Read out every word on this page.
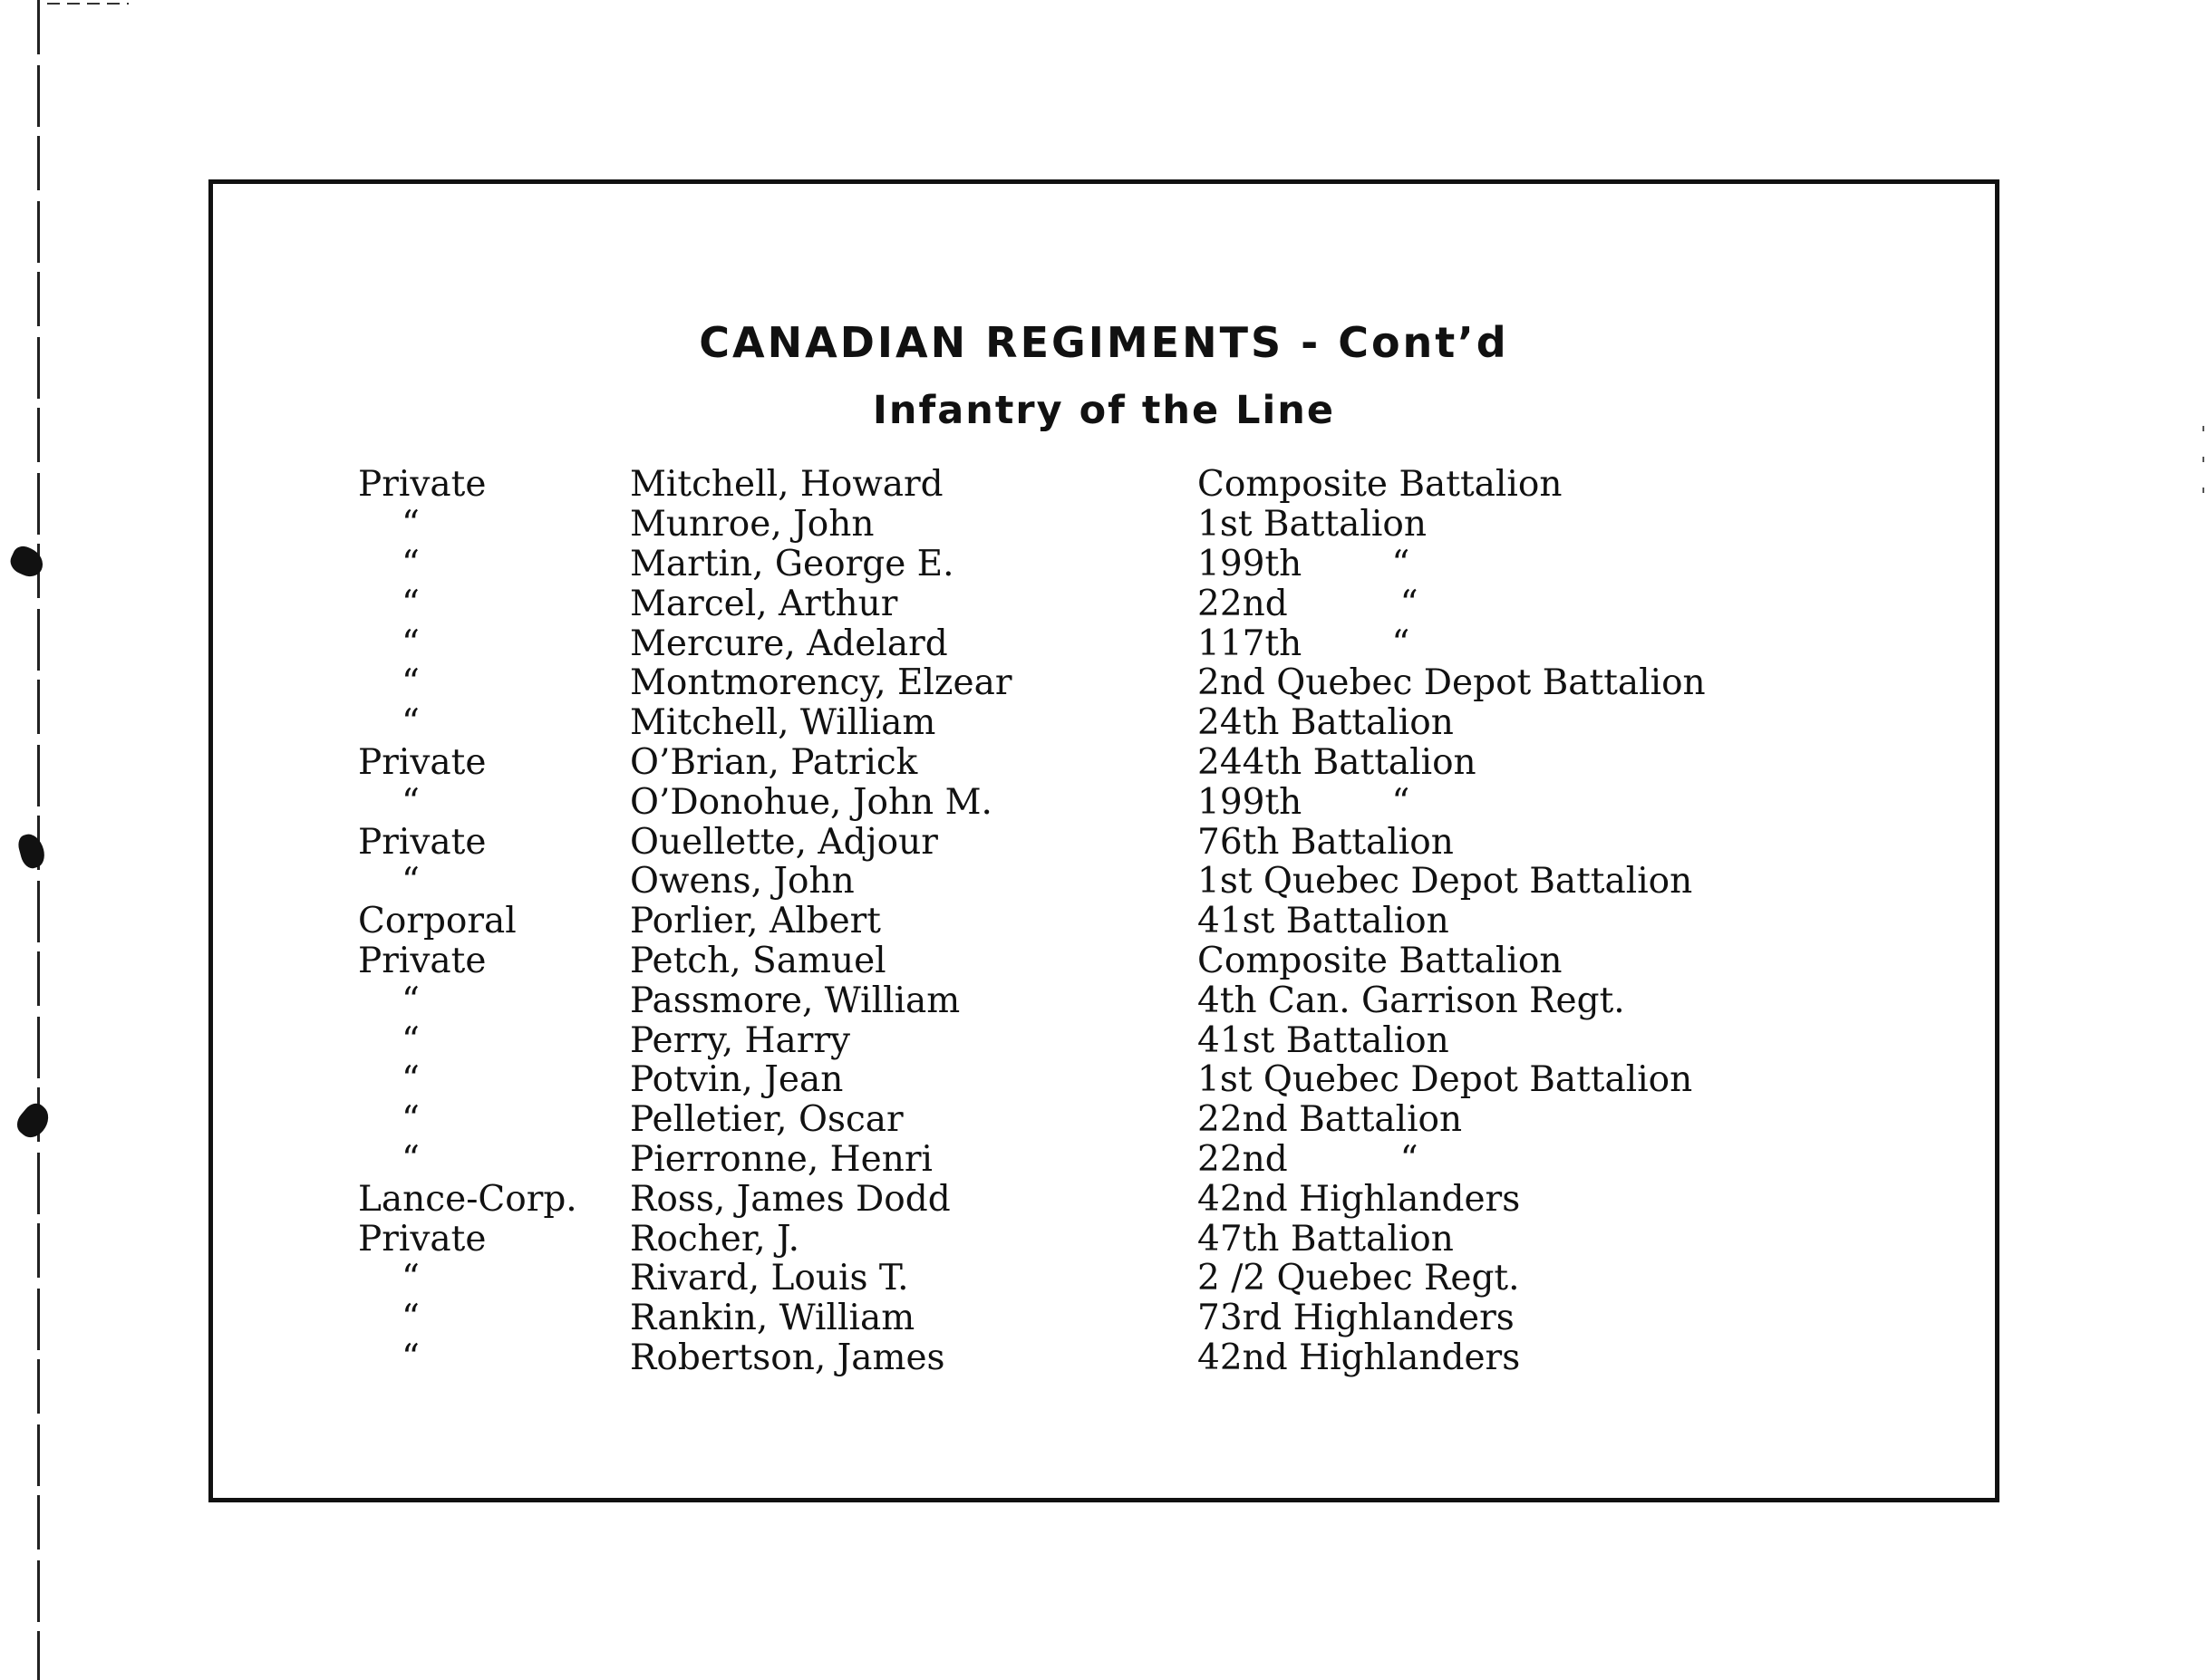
CANADIAN REGIMENTS - Cont’d
Infantry of the Line
Private	Mitchell, Howard	Composite Battalion
“	Munroe, John	1st Battalion
“	Martin, George E.	199th        “
“	Marcel, Arthur	22nd          “
“	Mercure, Adelard	117th        “
“	Montmorency, Elzear	2nd Quebec Depot Battalion
“	Mitchell, William	24th Battalion
Private	O’Brian, Patrick	244th Battalion
“	O’Donohue, John M.	199th        “
Private	Ouellette, Adjour	76th Battalion
“	Owens, John	1st Quebec Depot Battalion
Corporal	Porlier, Albert	41st Battalion
Private	Petch, Samuel	Composite Battalion
“	Passmore, William	4th Can. Garrison Regt.
“	Perry, Harry	41st Battalion
“	Potvin, Jean	1st Quebec Depot Battalion
“	Pelletier, Oscar	22nd Battalion
“	Pierronne, Henri	22nd          “
Lance-Corp.	Ross, James Dodd	42nd Highlanders
Private	Rocher, J.	47th Battalion
“	Rivard, Louis T.	2 /2 Quebec Regt.
“	Rankin, William	73rd Highlanders
“	Robertson, James	42nd Highlanders
